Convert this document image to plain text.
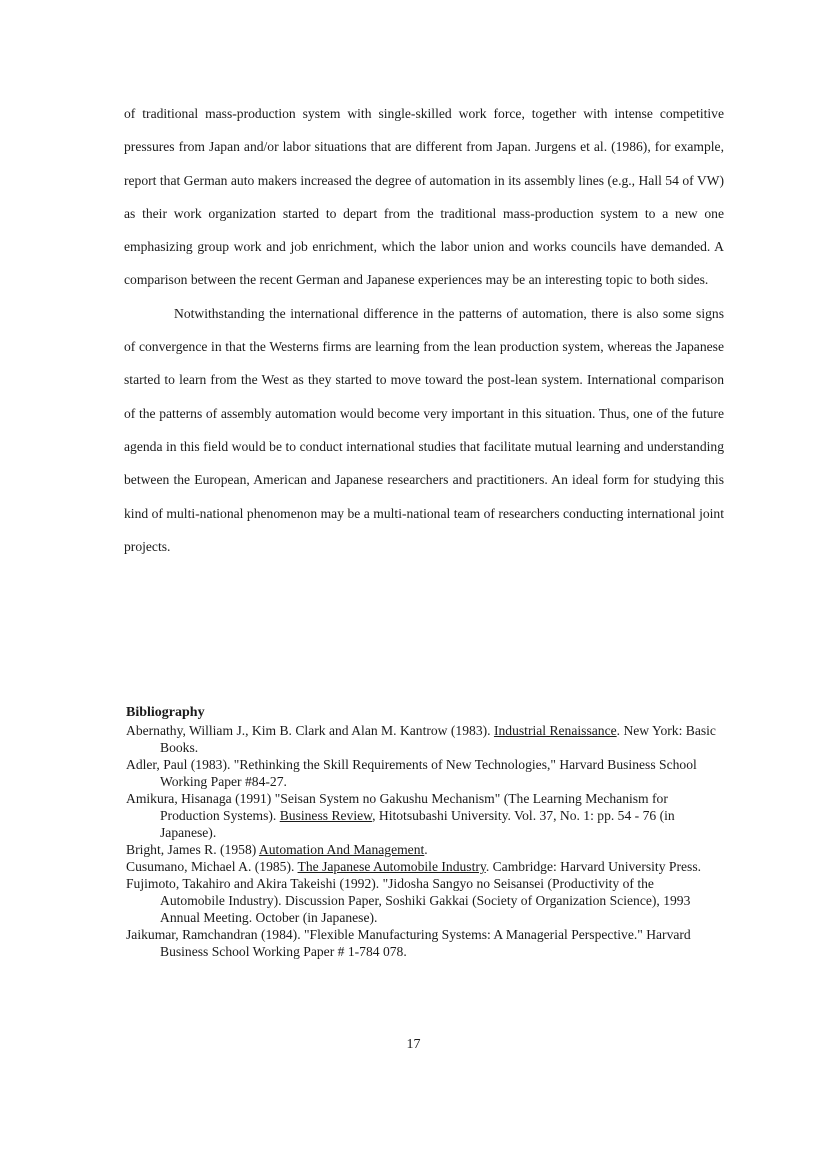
of traditional mass-production system with single-skilled work force, together with intense competitive pressures from Japan and/or labor situations that are different from Japan. Jurgens et al. (1986), for example, report that German auto makers increased the degree of automation in its assembly lines (e.g., Hall 54 of VW) as their work organization started to depart from the traditional mass-production system to a new one emphasizing group work and job enrichment, which the labor union and works councils have demanded. A comparison between the recent German and Japanese experiences may be an interesting topic to both sides.

Notwithstanding the international difference in the patterns of automation, there is also some signs of convergence in that the Westerns firms are learning from the lean production system, whereas the Japanese started to learn from the West as they started to move toward the post-lean system. International comparison of the patterns of assembly automation would become very important in this situation. Thus, one of the future agenda in this field would be to conduct international studies that facilitate mutual learning and understanding between the European, American and Japanese researchers and practitioners. An ideal form for studying this kind of multi-national phenomenon may be a multi-national team of researchers conducting international joint projects.

Bibliography
Abernathy, William J., Kim B. Clark and Alan M. Kantrow (1983). Industrial Renaissance. New York: Basic Books.
Adler, Paul (1983). "Rethinking the Skill Requirements of New Technologies," Harvard Business School Working Paper #84-27.
Amikura, Hisanaga (1991) "Seisan System no Gakushu Mechanism" (The Learning Mechanism for Production Systems). Business Review, Hitotsubashi University. Vol. 37, No. 1: pp. 54 - 76 (in Japanese).
Bright, James R. (1958) Automation And Management.
Cusumano, Michael A. (1985). The Japanese Automobile Industry. Cambridge: Harvard University Press.
Fujimoto, Takahiro and Akira Takeishi (1992). "Jidosha Sangyo no Seisansei (Productivity of the Automobile Industry). Discussion Paper, Soshiki Gakkai (Society of Organization Science), 1993 Annual Meeting. October (in Japanese).
Jaikumar, Ramchandran (1984). "Flexible Manufacturing Systems: A Managerial Perspective." Harvard Business School Working Paper # 1-784 078.
17
